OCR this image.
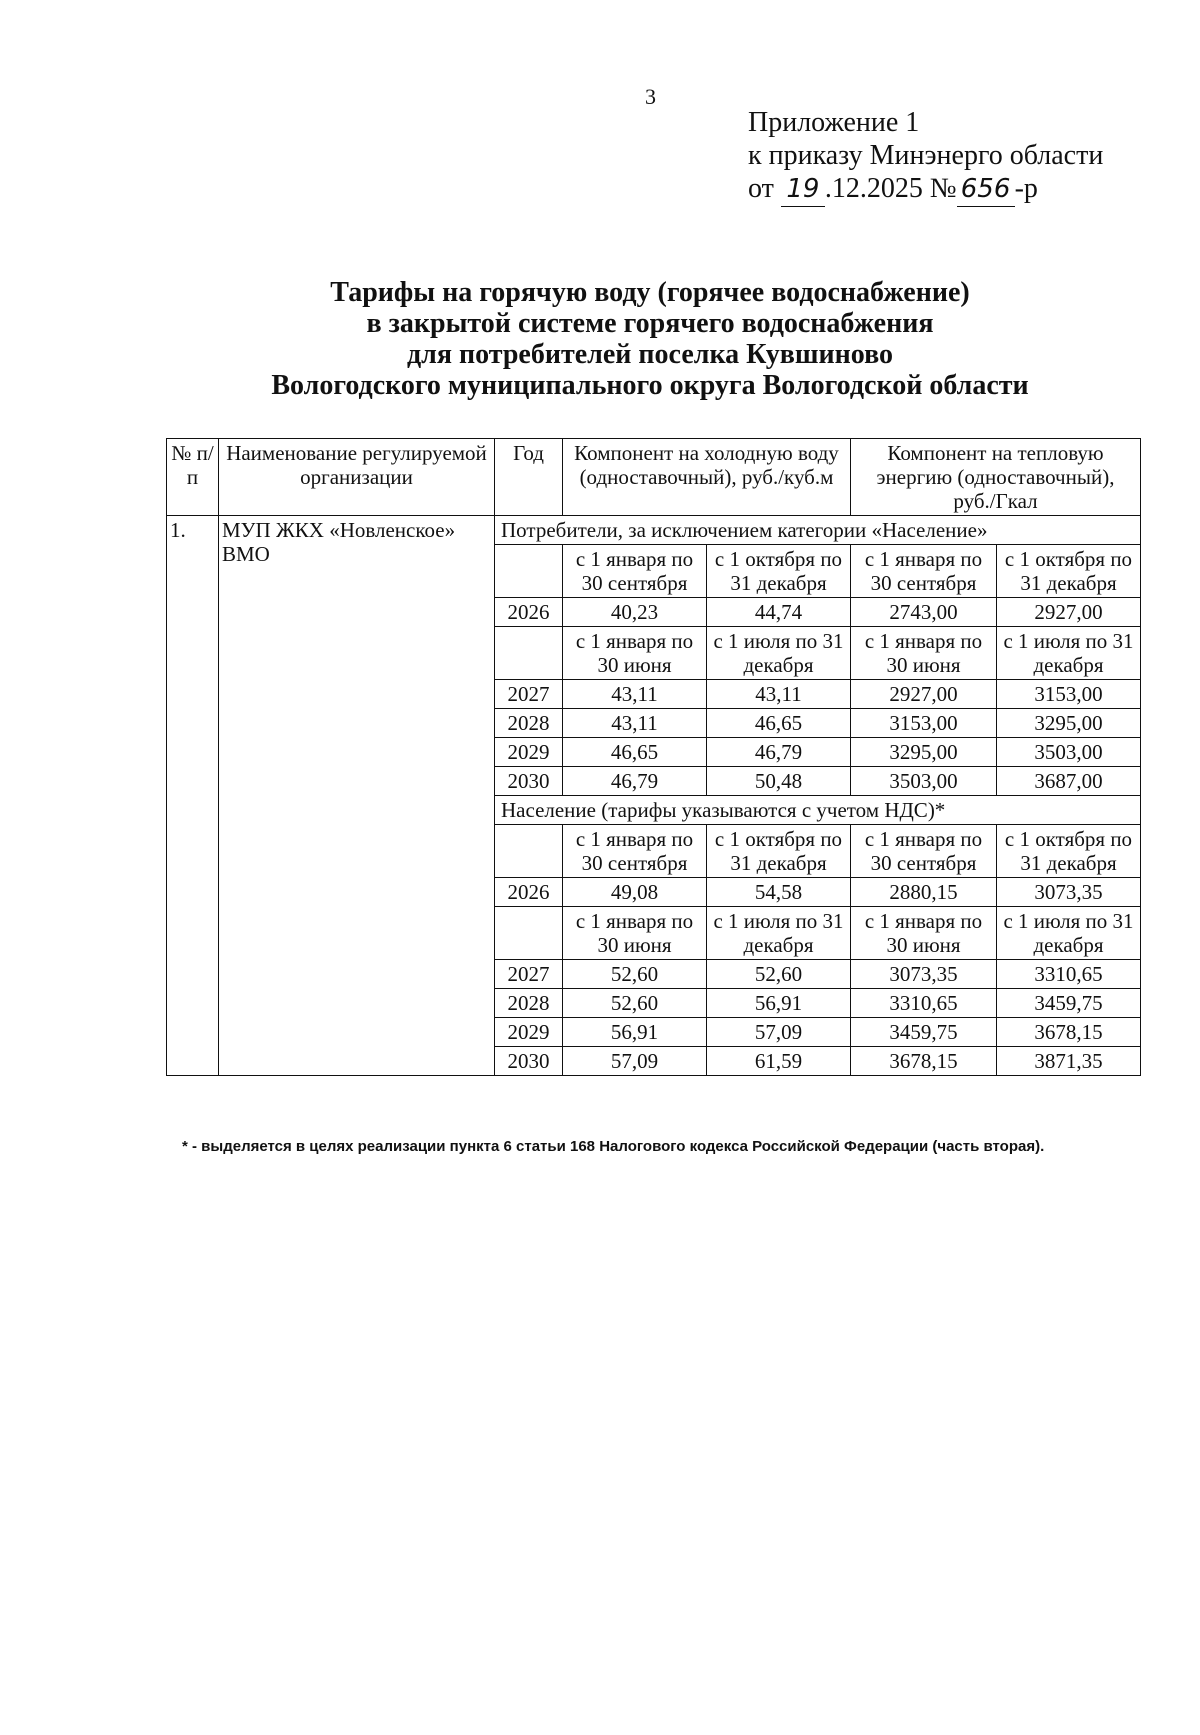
3
Приложение 1
к приказу Минэнерго области
от 19 .12.2025 № 656 -р
Тарифы на горячую воду (горячее водоснабжение)
в закрытой системе горячего водоснабжения
для потребителей поселка Кувшиново
Вологодского муниципального округа Вологодской области
№ п/п	Наименование регулируемой организации	Год	Компонент на холодную воду (одноставочный), руб./куб.м		Компонент на тепловую энергию (одноставочный), руб./Гкал	
1.	МУП ЖКХ «Новленское» ВМО	Потребители, за исключением категории «Население»				
			с 1 января по 30 сентября	с 1 октября по 31 декабря	с 1 января по 30 сентября	с 1 октября по 31 декабря
		2026	40,23	44,74	2743,00	2927,00
			с 1 января по 30 июня	с 1 июля по 31 декабря	с 1 января по 30 июня	с 1 июля по 31 декабря
		2027	43,11	43,11	2927,00	3153,00
		2028	43,11	46,65	3153,00	3295,00
		2029	46,65	46,79	3295,00	3503,00
		2030	46,79	50,48	3503,00	3687,00
		Население (тарифы указываются с учетом НДС)*				
			с 1 января по 30 сентября	с 1 октября по 31 декабря	с 1 января по 30 сентября	с 1 октября по 31 декабря
		2026	49,08	54,58	2880,15	3073,35
			с 1 января по 30 июня	с 1 июля по 31 декабря	с 1 января по 30 июня	с 1 июля по 31 декабря
		2027	52,60	52,60	3073,35	3310,65
		2028	52,60	56,91	3310,65	3459,75
		2029	56,91	57,09	3459,75	3678,15
		2030	57,09	61,59	3678,15	3871,35
* - выделяется в целях реализации пункта 6 статьи 168 Налогового кодекса Российской Федерации (часть вторая).
